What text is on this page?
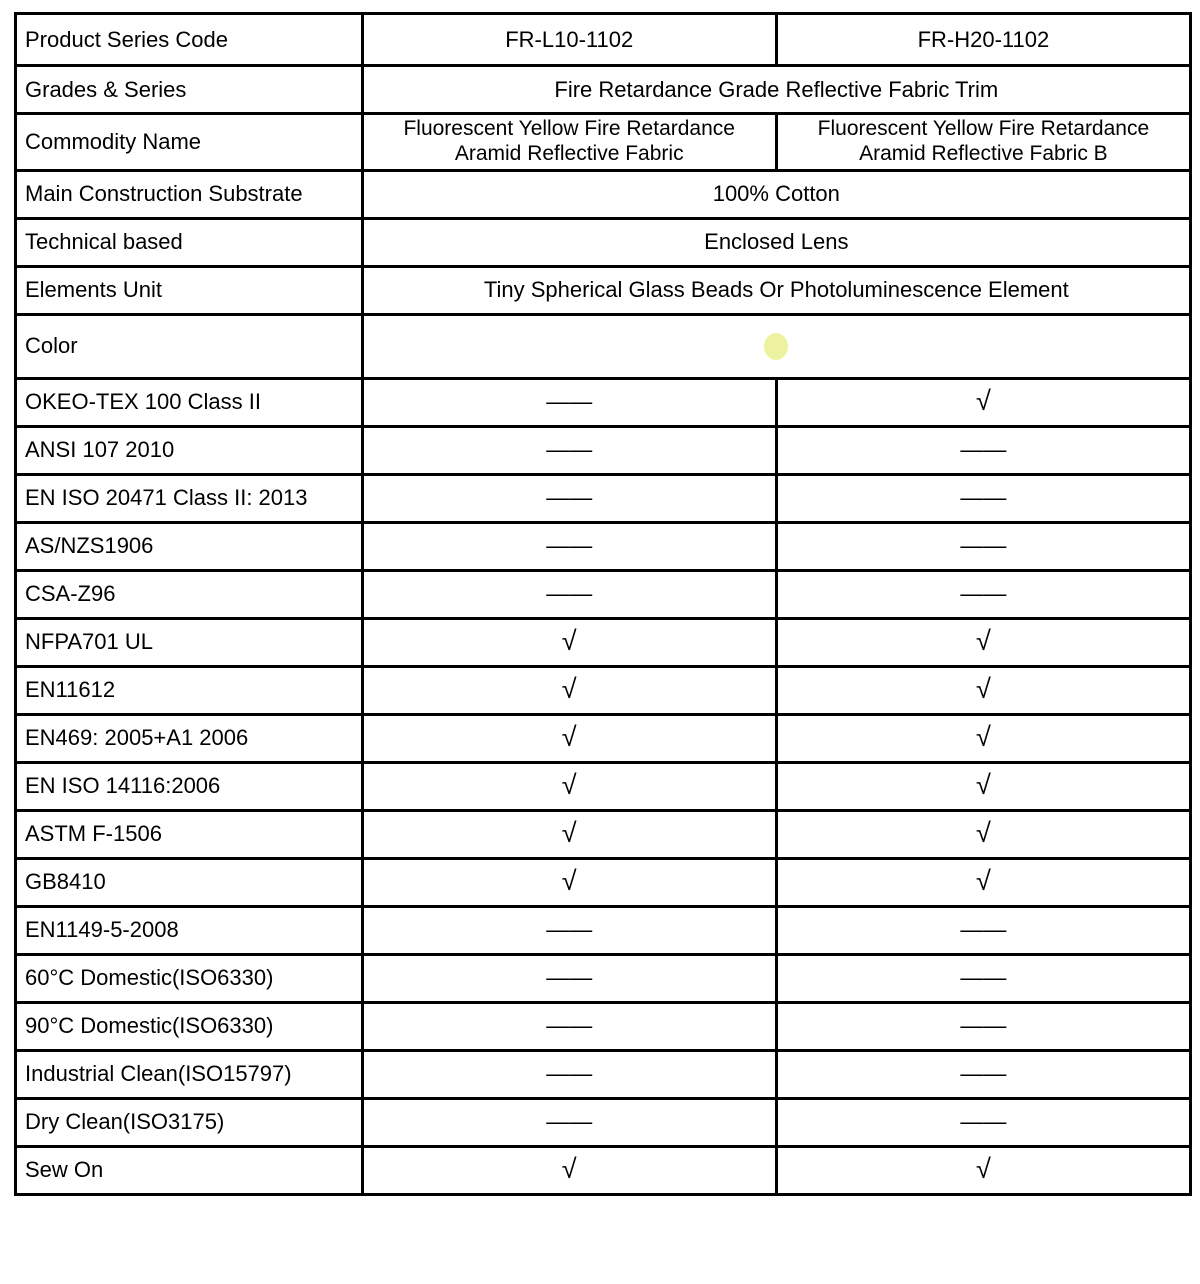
Product Series Code	FR-L10-1102	FR-H20-1102
Grades & Series	Fire Retardance Grade Reflective Fabric Trim	
Commodity Name	Fluorescent Yellow Fire Retardance Aramid Reflective Fabric	Fluorescent Yellow Fire Retardance Aramid Reflective Fabric B
Main Construction Substrate	100% Cotton	
Technical based	Enclosed Lens	
Elements Unit	Tiny Spherical Glass Beads Or Photoluminescence Element	
Color		
OKEO-TEX 100 Class II	——	√
ANSI 107 2010	——	——
EN ISO 20471 Class II: 2013	——	——
AS/NZS1906	——	——
CSA-Z96	——	——
NFPA701 UL	√	√
EN11612	√	√
EN469: 2005+A1 2006	√	√
EN ISO 14116:2006	√	√
ASTM F-1506	√	√
GB8410	√	√
EN1149-5-2008	——	——
60°C Domestic(ISO6330)	——	——
90°C Domestic(ISO6330)	——	——
Industrial Clean(ISO15797)	——	——
Dry Clean(ISO3175)	——	——
Sew On	√	√
